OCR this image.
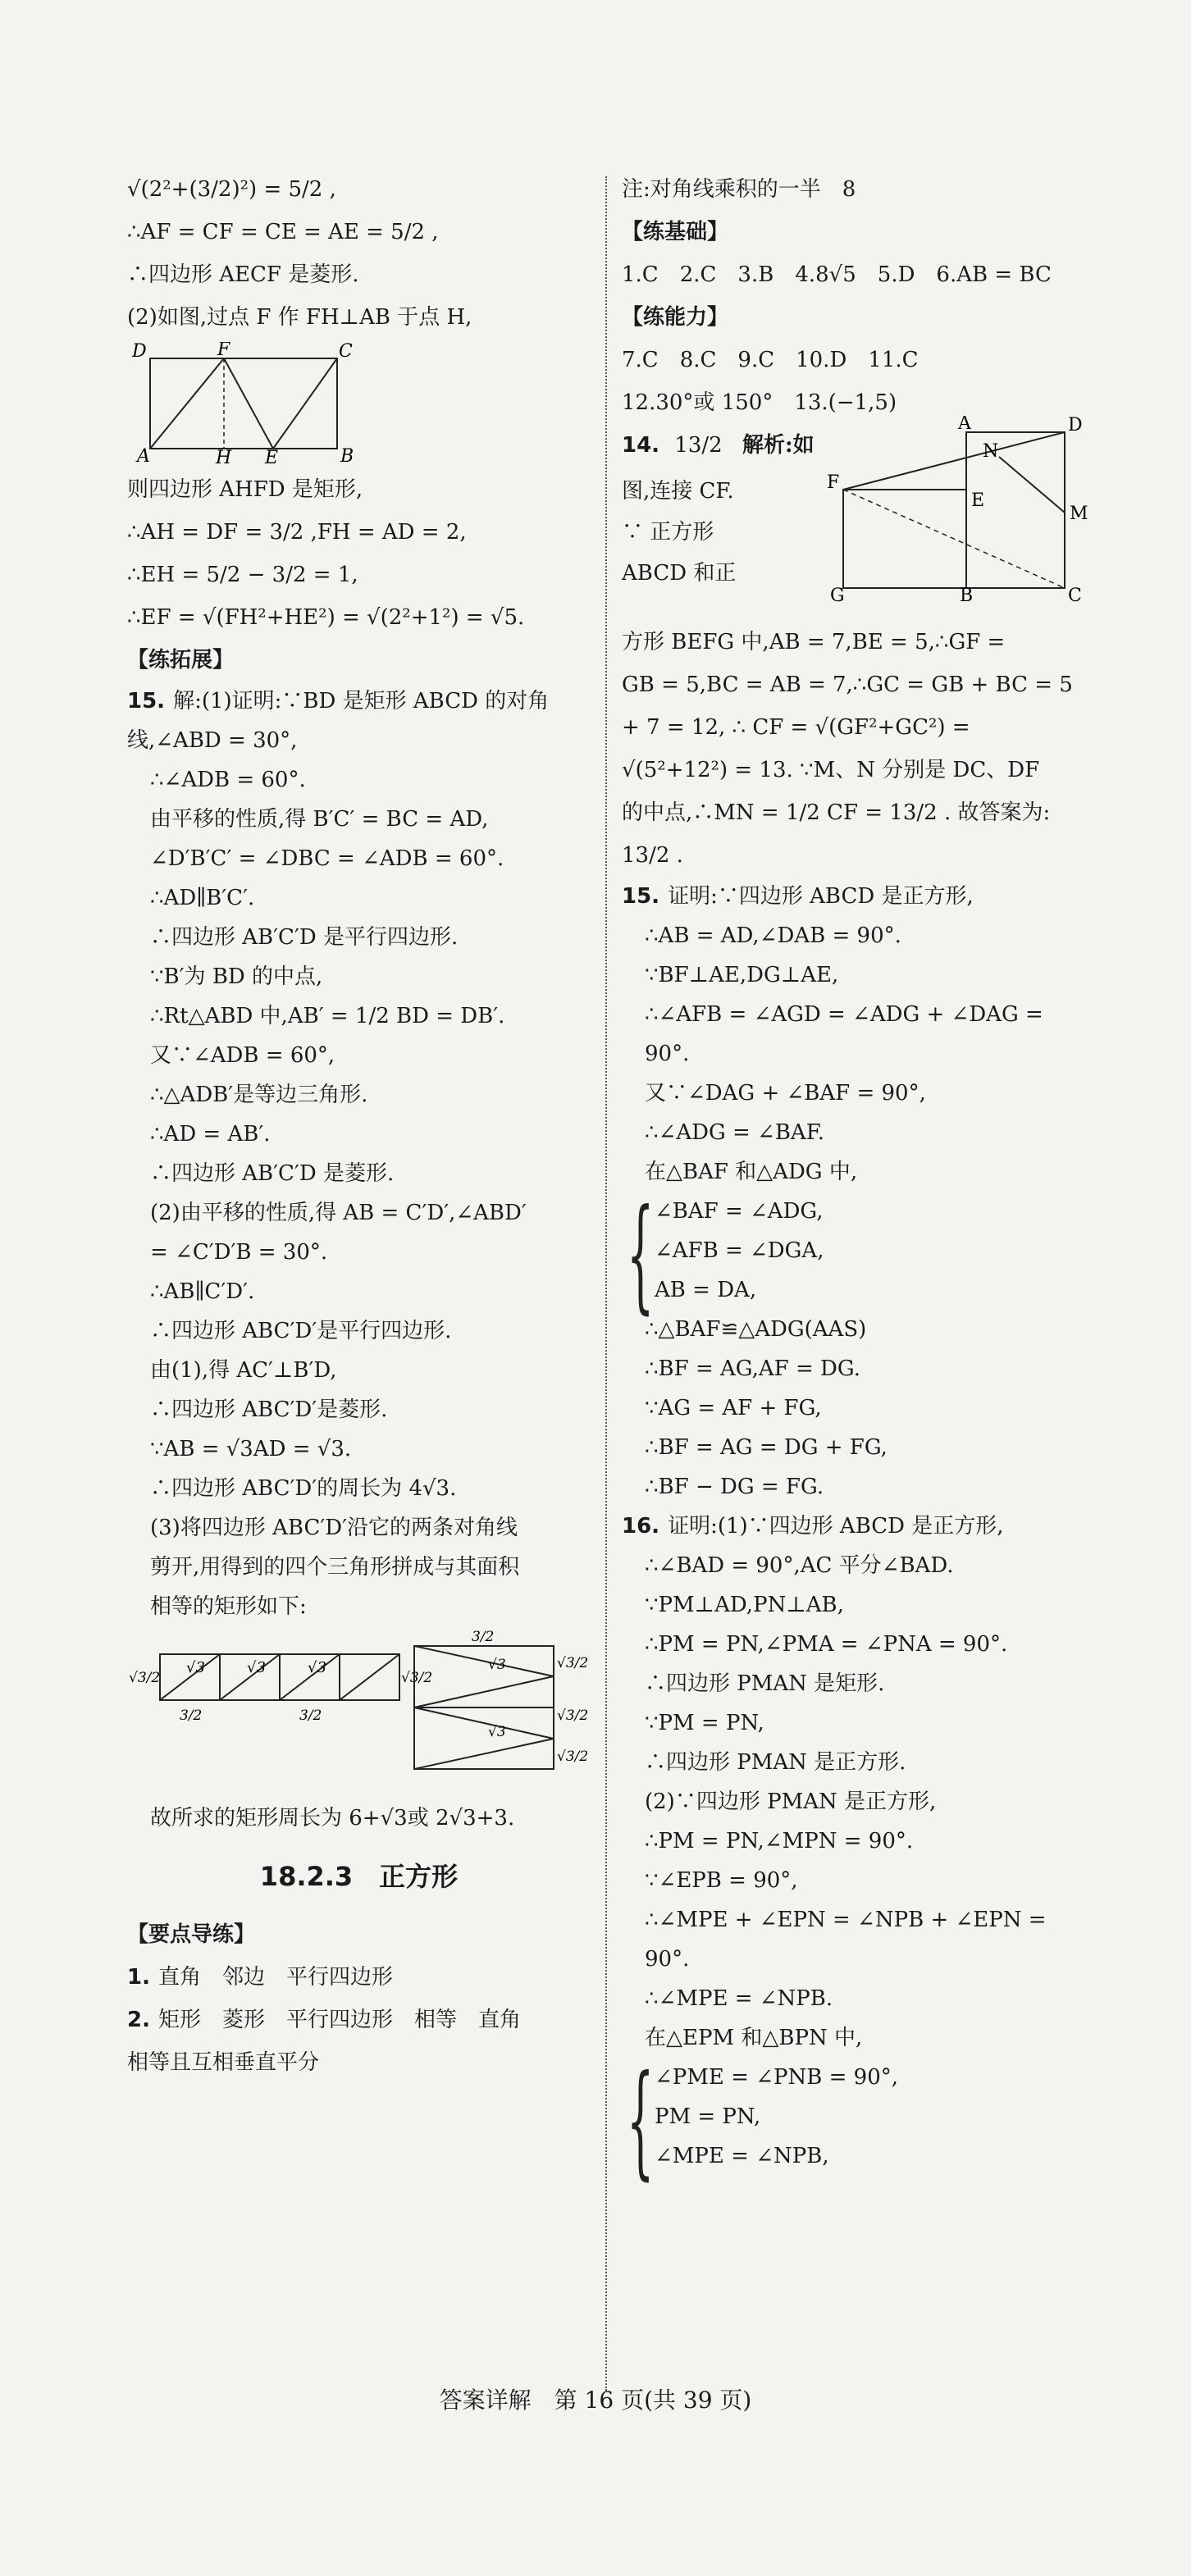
√(2²+(3/2)²) = 5/2 ,
∴AF = CF = CE = AE = 5/2 ,
∴四边形 AECF 是菱形.
(2)如图,过点 F 作 FH⊥AB 于点 H,
D	F	C
A	H E	B
则四边形 AHFD 是矩形,
∴AH = DF = 3/2 ,FH = AD = 2,
∴EH = 5/2 − 3/2 = 1,
∴EF = √(FH²+HE²) = √(2²+1²) = √5.
【练拓展】
15. 解:(1)证明:∵BD 是矩形 ABCD 的对角
线,∠ABD = 30°,
∴∠ADB = 60°.
由平移的性质,得 B′C′ = BC = AD,
∠D′B′C′ = ∠DBC = ∠ADB = 60°.
∴AD∥B′C′.
∴四边形 AB′C′D 是平行四边形.
∵B′为 BD 的中点,
∴Rt△ABD 中,AB′ = 1/2 BD = DB′.
又∵∠ADB = 60°,
∴△ADB′是等边三角形.
∴AD = AB′.
∴四边形 AB′C′D 是菱形.
(2)由平移的性质,得 AB = C′D′,∠ABD′
= ∠C′D′B = 30°.
∴AB∥C′D′.
∴四边形 ABC′D′是平行四边形.
由(1),得 AC′⊥B′D,
∴四边形 ABC′D′是菱形.
∵AB = √3AD = √3.
∴四边形 ABC′D′的周长为 4√3.
(3)将四边形 ABC′D′沿它的两条对角线
剪开,用得到的四个三角形拼成与其面积
相等的矩形如下:
√3	√3	√3
√3/2	√3/2
3/2	3/2
3/2
√3
√3
√3/2
√3/2
√3/2
故所求的矩形周长为 6+√3或 2√3+3.
18.2.3　正方形
【要点导练】
1. 直角　邻边　平行四边形
2. 矩形　菱形　平行四边形　相等　直角
相等且互相垂直平分
注:对角线乘积的一半　8
【练基础】
1.C　2.C　3.B　4.8√5　5.D　6.AB = BC
【练能力】
7.C　8.C　9.C　10.D　11.C
12.30°或 150°　13.(−1,5)
14. 13/2 解析:如
图,连接 CF.
∵ 正方形
ABCD 和正
A	D
N
F
E
M
G	B	C
方形 BEFG 中,AB = 7,BE = 5,∴GF =
GB = 5,BC = AB = 7,∴GC = GB + BC = 5
+ 7 = 12, ∴ CF = √(GF²+GC²) =
√(5²+12²) = 13. ∵M、N 分别是 DC、DF
的中点,∴MN = 1/2 CF = 13/2 . 故答案为:
13/2 .
15. 证明:∵四边形 ABCD 是正方形,
∴AB = AD,∠DAB = 90°.
∵BF⊥AE,DG⊥AE,
∴∠AFB = ∠AGD = ∠ADG + ∠DAG =
90°.
又∵∠DAG + ∠BAF = 90°,
∴∠ADG = ∠BAF.
在△BAF 和△ADG 中,
{ ∠BAF = ∠ADG,
∠AFB = ∠DGA,
AB = DA,
∴△BAF≌△ADG(AAS)
∴BF = AG,AF = DG.
∵AG = AF + FG,
∴BF = AG = DG + FG,
∴BF − DG = FG.
16. 证明:(1)∵四边形 ABCD 是正方形,
∴∠BAD = 90°,AC 平分∠BAD.
∵PM⊥AD,PN⊥AB,
∴PM = PN,∠PMA = ∠PNA = 90°.
∴四边形 PMAN 是矩形.
∵PM = PN,
∴四边形 PMAN 是正方形.
(2)∵四边形 PMAN 是正方形,
∴PM = PN,∠MPN = 90°.
∵∠EPB = 90°,
∴∠MPE + ∠EPN = ∠NPB + ∠EPN =
90°.
∴∠MPE = ∠NPB.
在△EPM 和△BPN 中,
{ ∠PME = ∠PNB = 90°,
PM = PN,
∠MPE = ∠NPB,
答案详解　第 16 页(共 39 页)
